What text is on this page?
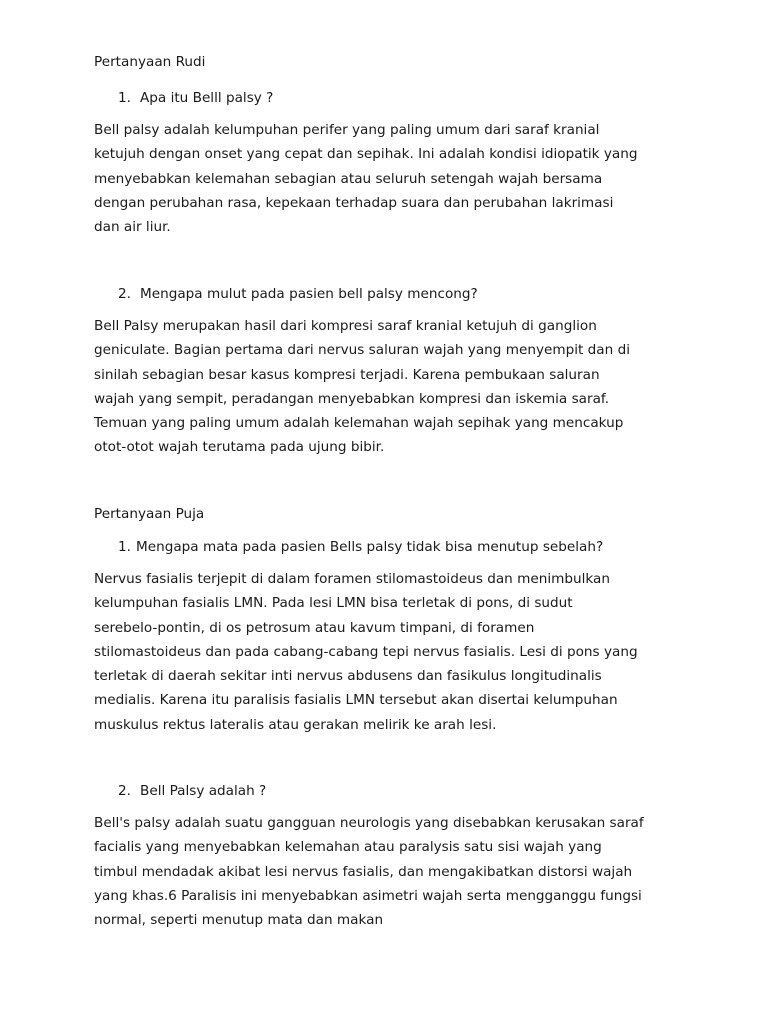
Pertanyaan Rudi
1. Apa itu Belll palsy ?
Bell palsy adalah kelumpuhan perifer yang paling umum dari saraf kranial
ketujuh dengan onset yang cepat dan sepihak. Ini adalah kondisi idiopatik yang
menyebabkan kelemahan sebagian atau seluruh setengah wajah bersama
dengan perubahan rasa, kepekaan terhadap suara dan perubahan lakrimasi
dan air liur.
2. Mengapa mulut pada pasien bell palsy mencong?
Bell Palsy merupakan hasil dari kompresi saraf kranial ketujuh di ganglion
geniculate. Bagian pertama dari nervus saluran wajah yang menyempit dan di
sinilah sebagian besar kasus kompresi terjadi. Karena pembukaan saluran
wajah yang sempit, peradangan menyebabkan kompresi dan iskemia saraf.
Temuan yang paling umum adalah kelemahan wajah sepihak yang mencakup
otot-otot wajah terutama pada ujung bibir.
Pertanyaan Puja
1. Mengapa mata pada pasien Bells palsy tidak bisa menutup sebelah?
Nervus fasialis terjepit di dalam foramen stilomastoideus dan menimbulkan
kelumpuhan fasialis LMN. Pada lesi LMN bisa terletak di pons, di sudut
serebelo-pontin, di os petrosum atau kavum timpani, di foramen
stilomastoideus dan pada cabang-cabang tepi nervus fasialis. Lesi di pons yang
terletak di daerah sekitar inti nervus abdusens dan fasikulus longitudinalis
medialis. Karena itu paralisis fasialis LMN tersebut akan disertai kelumpuhan
muskulus rektus lateralis atau gerakan melirik ke arah lesi.
2. Bell Palsy adalah ?
Bell's palsy adalah suatu gangguan neurologis yang disebabkan kerusakan saraf
facialis yang menyebabkan kelemahan atau paralysis satu sisi wajah yang
timbul mendadak akibat lesi nervus fasialis, dan mengakibatkan distorsi wajah
yang khas.6 Paralisis ini menyebabkan asimetri wajah serta mengganggu fungsi
normal, seperti menutup mata dan makan
